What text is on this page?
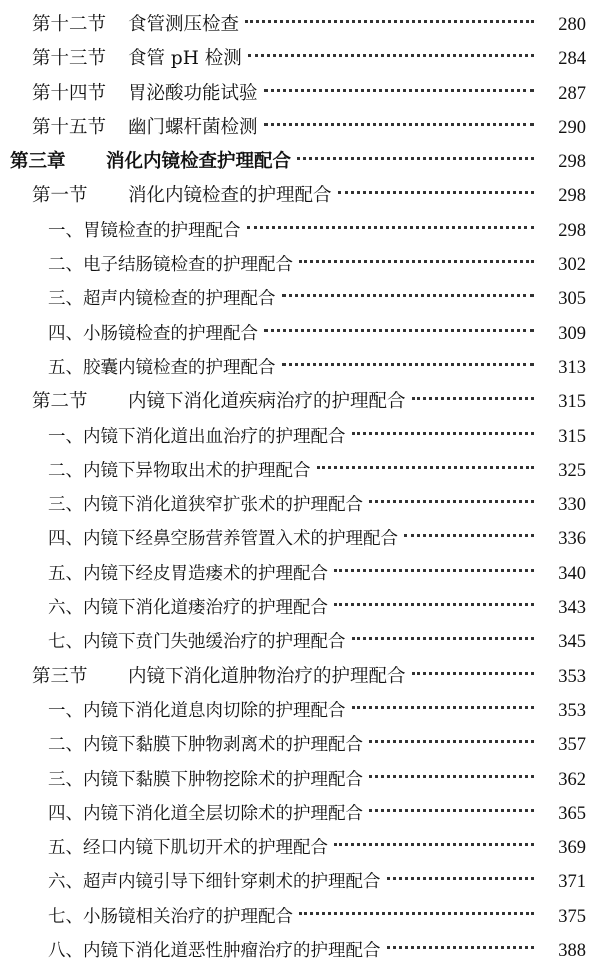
第十二节	食管测压检查	280
第十三节	食管 pH 检测	284
第十四节	胃泌酸功能试验	287
第十五节	幽门螺杆菌检测	290
第三章	消化内镜检查护理配合	298
第一节	消化内镜检查的护理配合	298
一、 胃镜检查的护理配合	298
二、 电子结肠镜检查的护理配合	302
三、 超声内镜检查的护理配合	305
四、 小肠镜检查的护理配合	309
五、 胶囊内镜检查的护理配合	313
第二节	内镜下消化道疾病治疗的护理配合	315
一、 内镜下消化道出血治疗的护理配合	315
二、 内镜下异物取出术的护理配合	325
三、 内镜下消化道狭窄扩张术的护理配合	330
四、 内镜下经鼻空肠营养管置入术的护理配合	336
五、 内镜下经皮胃造瘘术的护理配合	340
六、 内镜下消化道瘘治疗的护理配合	343
七、 内镜下贲门失弛缓治疗的护理配合	345
第三节	内镜下消化道肿物治疗的护理配合	353
一、 内镜下消化道息肉切除的护理配合	353
二、 内镜下黏膜下肿物剥离术的护理配合	357
三、 内镜下黏膜下肿物挖除术的护理配合	362
四、 内镜下消化道全层切除术的护理配合	365
五、 经口内镜下肌切开术的护理配合	369
六、 超声内镜引导下细针穿刺术的护理配合	371
七、 小肠镜相关治疗的护理配合	375
八、 内镜下消化道恶性肿瘤治疗的护理配合	388
